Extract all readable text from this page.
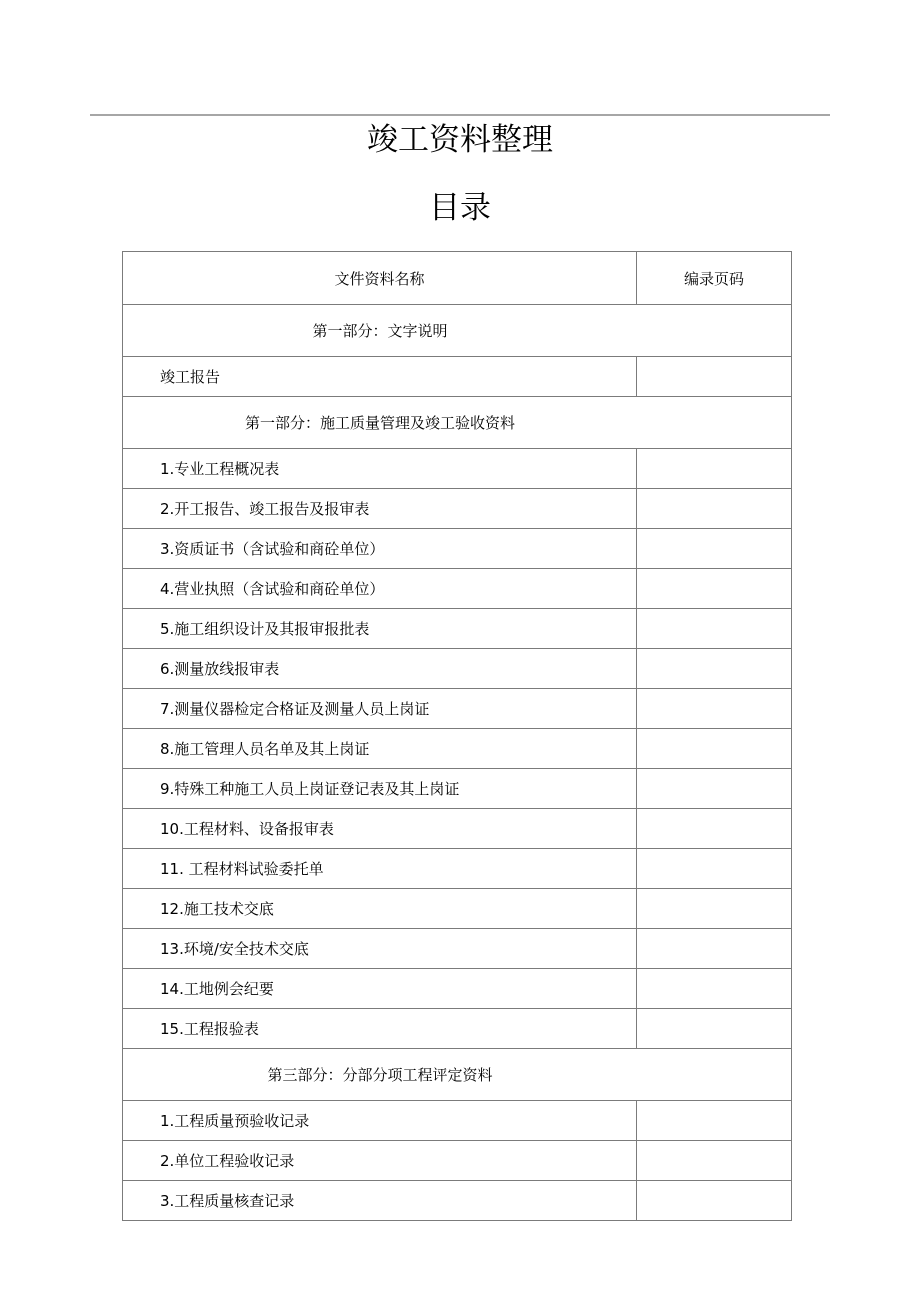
竣工资料整理
目录
文件资料名称	编录页码

第一部分：文字说明	

竣工报告	

第一部分：施⼯质量管理及竣工验收资料	

1.专业工程概况表	

2.开工报告、竣工报告及报审表	

3.资质证书（含试验和商砼单位）	

4.营业执照（含试验和商砼单位）	

5.施工组织设计及其报审报批表	

6.测量放线报审表	

7.测量仪器检定合格证及测量人员上岗证	

8.施工管理人员名单及其上岗证	

9.特殊工种施工人员上岗证登记表及其上岗证	

10.工程材料、设备报审表	

11. 工程材料试验委托单	

12.施工技术交底	

13.环境/安全技术交底	

14.工地例会纪要	

15.工程报验表	

第三部分：分部分项工程评定资料	

1.工程质量预验收记录	

2.单位工程验收记录	

3.工程质量核查记录	
